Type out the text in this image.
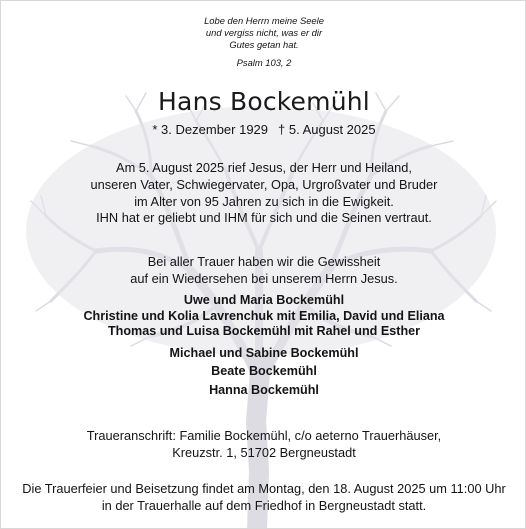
Lobe den Herrn meine Seele
und vergiss nicht, was er dir
Gutes getan hat.
Psalm 103, 2
Hans Bockemühl
* 3. Dezember 1929 † 5. August 2025
Am 5. August 2025 rief Jesus, der Herr und Heiland,
unseren Vater, Schwiegervater, Opa, Urgroßvater und Bruder
im Alter von 95 Jahren zu sich in die Ewigkeit.
IHN hat er geliebt und IHM für sich und die Seinen vertraut.
Bei aller Trauer haben wir die Gewissheit
auf ein Wiedersehen bei unserem Herrn Jesus.
Uwe und Maria Bockemühl
Christine und Kolia Lavrenchuk mit Emilia, David und Eliana
Thomas und Luisa Bockemühl mit Rahel und Esther
Michael und Sabine Bockemühl
Beate Bockemühl
Hanna Bockemühl
Traueranschrift: Familie Bockemühl, c/o aeterno Trauerhäuser,
Kreuzstr. 1, 51702 Bergneustadt
Die Trauerfeier und Beisetzung findet am Montag, den 18. August 2025 um 11:00 Uhr
in der Trauerhalle auf dem Friedhof in Bergneustadt statt.
